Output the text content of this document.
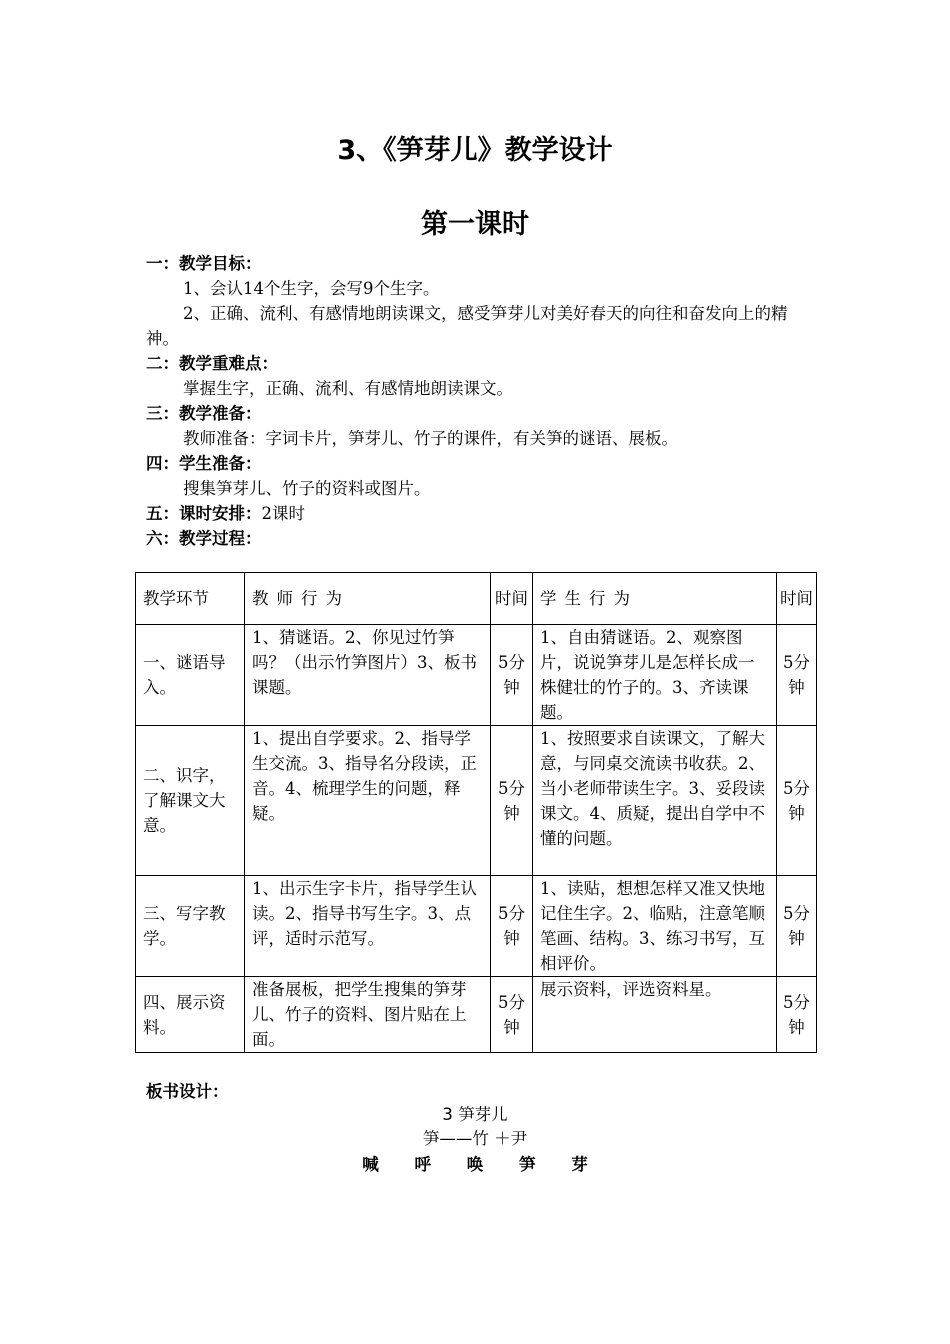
3、《笋芽儿》教学设计
第一课时
一：教学目标：
1、会认14个生字，会写9个生字。
2、正确、流利、有感情地朗读课文，感受笋芽儿对美好春天的向往和奋发向上的精神。
二：教学重难点：
掌握生字，正确、流利、有感情地朗读课文。
三：教学准备：
教师准备：字词卡片，笋芽儿、竹子的课件，有关笋的谜语、展板。
四：学生准备：
搜集笋芽儿、竹子的资料或图片。
五：课时安排：2课时
六：教学过程：
教学环节	教师行为	时间	学生行为	时间
一、谜语导入。	1、猜谜语。2、你见过竹笋吗？（出示竹笋图片）3、板书课题。	5分钟	1、自由猜谜语。2、观察图片，说说笋芽儿是怎样长成一株健壮的竹子的。3、齐读课题。	5分钟
二、识字，了解课文大意。	1、提出自学要求。2、指导学生交流。3、指导名分段读，正音。4、梳理学生的问题，释疑。	5分钟	1、按照要求自读课文，了解大意，与同桌交流读书收获。2、当小老师带读生字。3、妥段读课文。4、质疑，提出自学中不懂的问题。	5分钟
三、写字教学。	1、出示生字卡片，指导学生认读。2、指导书写生字。3、点评，适时示范写。	5分钟	1、读贴，想想怎样又准又快地记住生字。2、临贴，注意笔顺笔画、结构。3、练习书写，互相评价。	5分钟
四、展示资料。	准备展板，把学生搜集的笋芽儿、竹子的资料、图片贴在上面。	5分钟	展示资料，评选资料星。	5分钟
板书设计：
3 笋芽儿
笋——竹 ＋尹
喊 呼 唤 笋 芽
